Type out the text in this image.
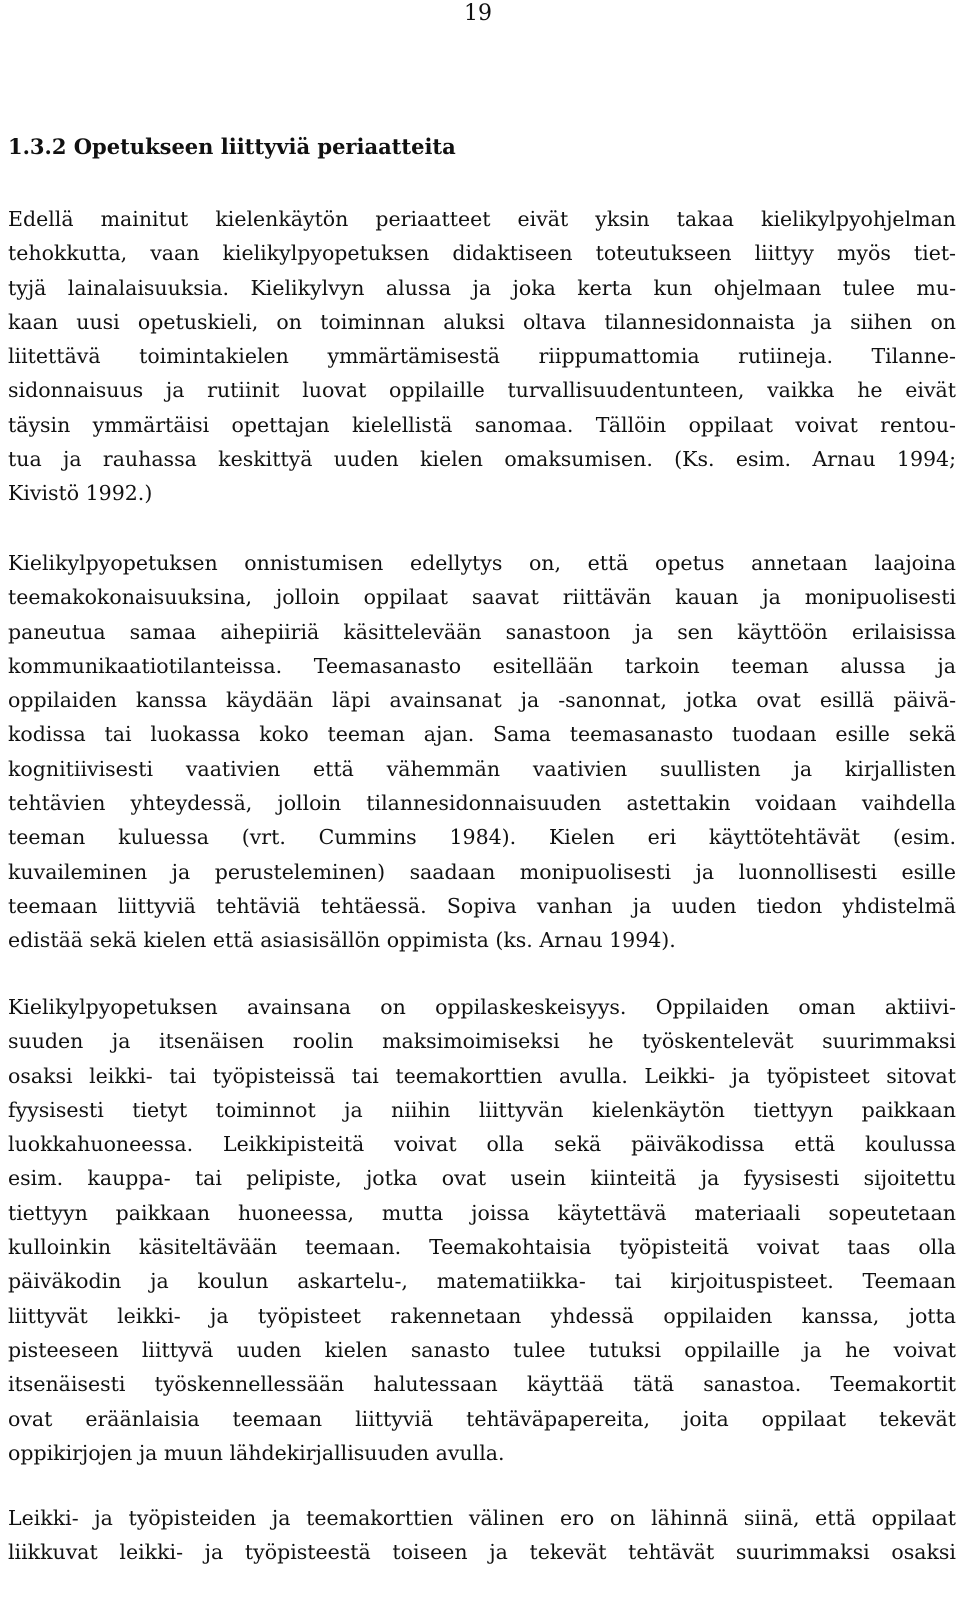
19
1.3.2 Opetukseen liittyviä periaatteita
Edellä mainitut kielenkäytön periaatteet eivät yksin takaa kielikylpyohjelman
tehokkutta, vaan kielikylpyopetuksen didaktiseen toteutukseen liittyy myös tiet-
tyjä lainalaisuuksia. Kielikylvyn alussa ja joka kerta kun ohjelmaan tulee mu-
kaan uusi opetuskieli, on toiminnan aluksi oltava tilannesidonnaista ja siihen on
liitettävä toimintakielen ymmärtämisestä riippumattomia rutiineja. Tilanne-
sidonnaisuus ja rutiinit luovat oppilaille turvallisuudentunteen, vaikka he eivät
täysin ymmärtäisi opettajan kielellistä sanomaa. Tällöin oppilaat voivat rentou-
tua ja rauhassa keskittyä uuden kielen omaksumisen. (Ks. esim. Arnau 1994;
Kivistö 1992.)
Kielikylpyopetuksen onnistumisen edellytys on, että opetus annetaan laajoina
teemakokonaisuuksina, jolloin oppilaat saavat riittävän kauan ja monipuolisesti
paneutua samaa aihepiiriä käsittelevään sanastoon ja sen käyttöön erilaisissa
kommunikaatiotilanteissa. Teemasanasto esitellään tarkoin teeman alussa ja
oppilaiden kanssa käydään läpi avainsanat ja -sanonnat, jotka ovat esillä päivä-
kodissa tai luokassa koko teeman ajan. Sama teemasanasto tuodaan esille sekä
kognitiivisesti vaativien että vähemmän vaativien suullisten ja kirjallisten
tehtävien yhteydessä, jolloin tilannesidonnaisuuden astettakin voidaan vaihdella
teeman kuluessa (vrt. Cummins 1984). Kielen eri käyttötehtävät (esim.
kuvaileminen ja perusteleminen) saadaan monipuolisesti ja luonnollisesti esille
teemaan liittyviä tehtäviä tehtäessä. Sopiva vanhan ja uuden tiedon yhdistelmä
edistää sekä kielen että asiasisällön oppimista (ks. Arnau 1994).
Kielikylpyopetuksen avainsana on oppilaskeskeisyys. Oppilaiden oman aktiivi-
suuden ja itsenäisen roolin maksimoimiseksi he työskentelevät suurimmaksi
osaksi leikki- tai työpisteissä tai teemakorttien avulla. Leikki- ja työpisteet sitovat
fyysisesti tietyt toiminnot ja niihin liittyvän kielenkäytön tiettyyn paikkaan
luokkahuoneessa. Leikkipisteitä voivat olla sekä päiväkodissa että koulussa
esim. kauppa- tai pelipiste, jotka ovat usein kiinteitä ja fyysisesti sijoitettu
tiettyyn paikkaan huoneessa, mutta joissa käytettävä materiaali sopeutetaan
kulloinkin käsiteltävään teemaan. Teemakohtaisia työpisteitä voivat taas olla
päiväkodin ja koulun askartelu-, matematiikka- tai kirjoituspisteet. Teemaan
liittyvät leikki- ja työpisteet rakennetaan yhdessä oppilaiden kanssa, jotta
pisteeseen liittyvä uuden kielen sanasto tulee tutuksi oppilaille ja he voivat
itsenäisesti työskennellessään halutessaan käyttää tätä sanastoa. Teemakortit
ovat eräänlaisia teemaan liittyviä tehtäväpapereita, joita oppilaat tekevät
oppikirjojen ja muun lähdekirjallisuuden avulla.
Leikki- ja työpisteiden ja teemakorttien välinen ero on lähinnä siinä, että oppilaat
liikkuvat leikki- ja työpisteestä toiseen ja tekevät tehtävät suurimmaksi osaksi
